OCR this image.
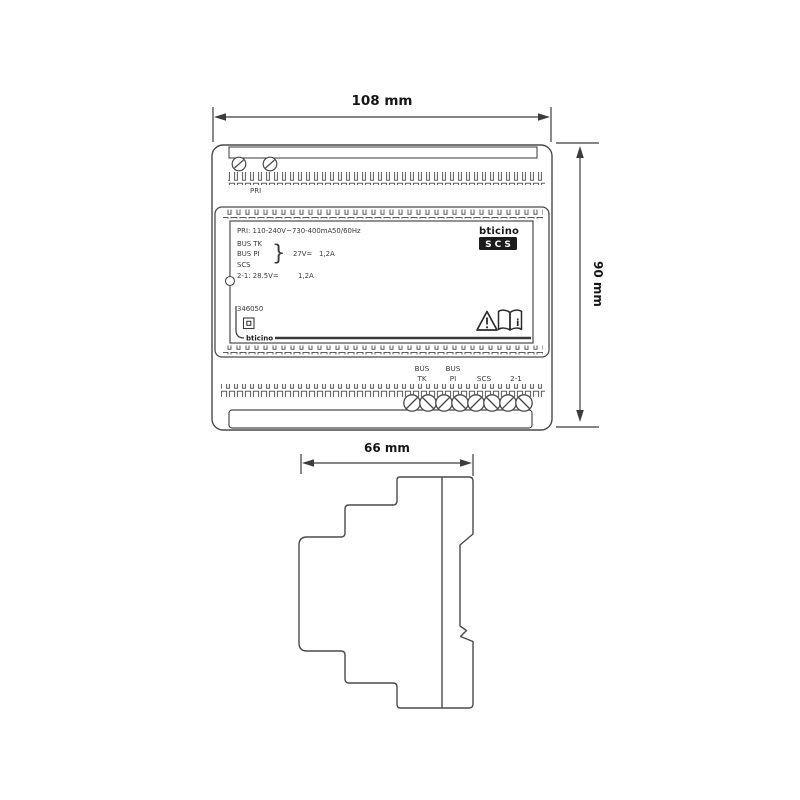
108 mm
90 mm
PRI
PRI: 110-240V~ 730-400mA 50/60Hz
BUS TK
BUS PI } 27V= 1,2A
SCS
2-1: 28.5V=	1,2A
bticino
SCS
346050
bticino
i
BUS
TK
BUS
PI	SCS	2-1
66 mm
